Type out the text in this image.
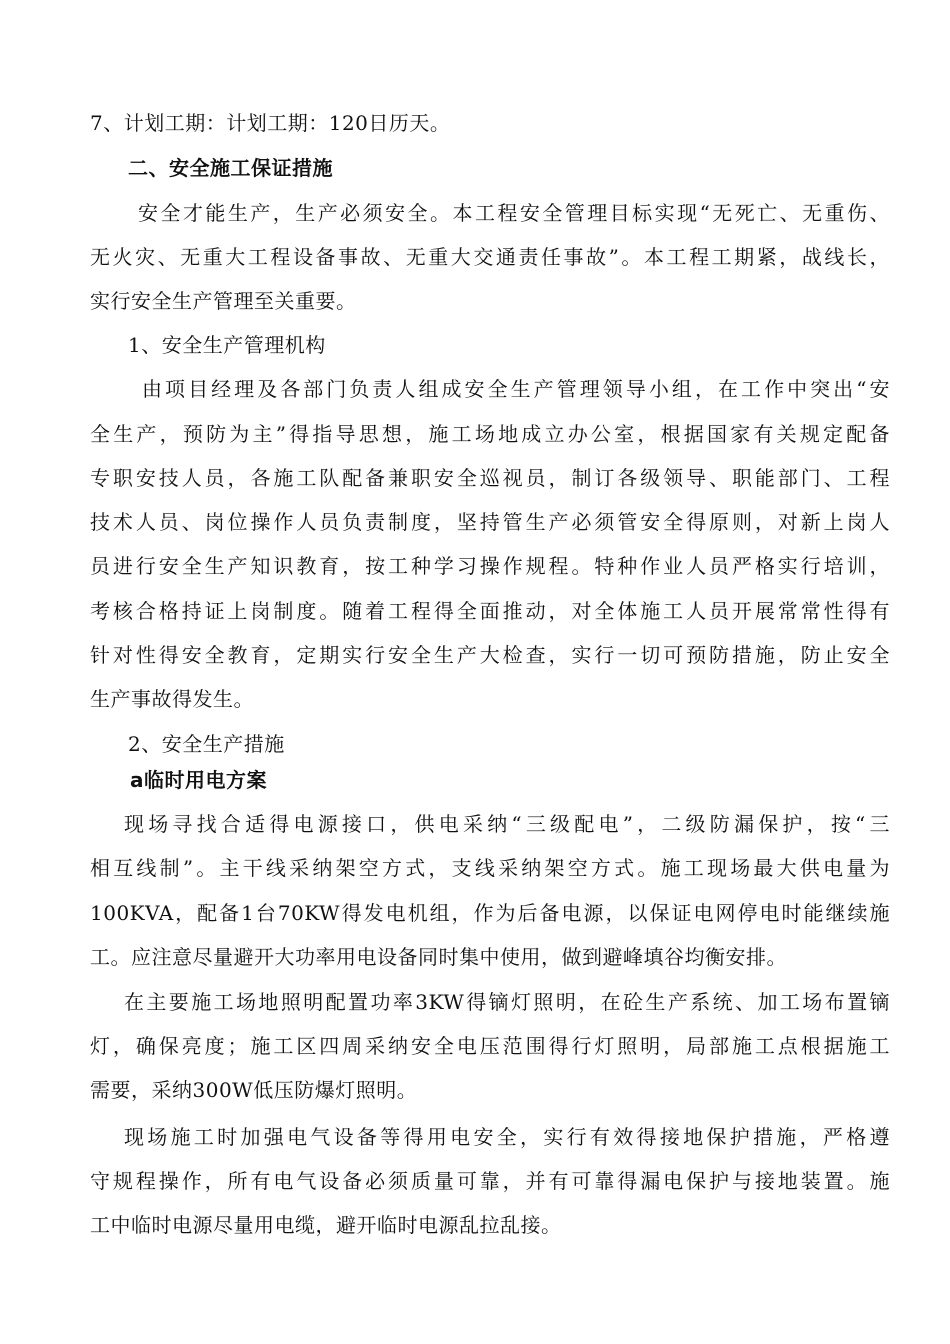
7、计划工期：计划工期：120日历天。
二、安全施工保证措施
安全才能生产，生产必须安全。本工程安全管理目标实现“无死亡、无重伤、
无火灾、无重大工程设备事故、无重大交通责任事故”。本工程工期紧，战线长，
实行安全生产管理至关重要。
1、安全生产管理机构
由项目经理及各部门负责人组成安全生产管理领导小组，在工作中突出“安
全生产，预防为主”得指导思想，施工场地成立办公室，根据国家有关规定配备
专职安技人员，各施工队配备兼职安全巡视员，制订各级领导、职能部门、工程
技术人员、岗位操作人员负责制度，坚持管生产必须管安全得原则，对新上岗人
员进行安全生产知识教育，按工种学习操作规程。特种作业人员严格实行培训，
考核合格持证上岗制度。随着工程得全面推动，对全体施工人员开展常常性得有
针对性得安全教育，定期实行安全生产大检查，实行一切可预防措施，防止安全
生产事故得发生。
2、安全生产措施
a临时用电方案
现场寻找合适得电源接口，供电采纳“三级配电”，二级防漏保护，按“三
相互线制”。主干线采纳架空方式，支线采纳架空方式。施工现场最大供电量为
100KVA，配备1台70KW得发电机组，作为后备电源，以保证电网停电时能继续施
工。应注意尽量避开大功率用电设备同时集中使用，做到避峰填谷均衡安排。
在主要施工场地照明配置功率3KW得镝灯照明，在砼生产系统、加工场布置镝
灯，确保亮度；施工区四周采纳安全电压范围得行灯照明，局部施工点根据施工
需要，采纳300W低压防爆灯照明。
现场施工时加强电气设备等得用电安全，实行有效得接地保护措施，严格遵
守规程操作，所有电气设备必须质量可靠，并有可靠得漏电保护与接地装置。施
工中临时电源尽量用电缆，避开临时电源乱拉乱接。
